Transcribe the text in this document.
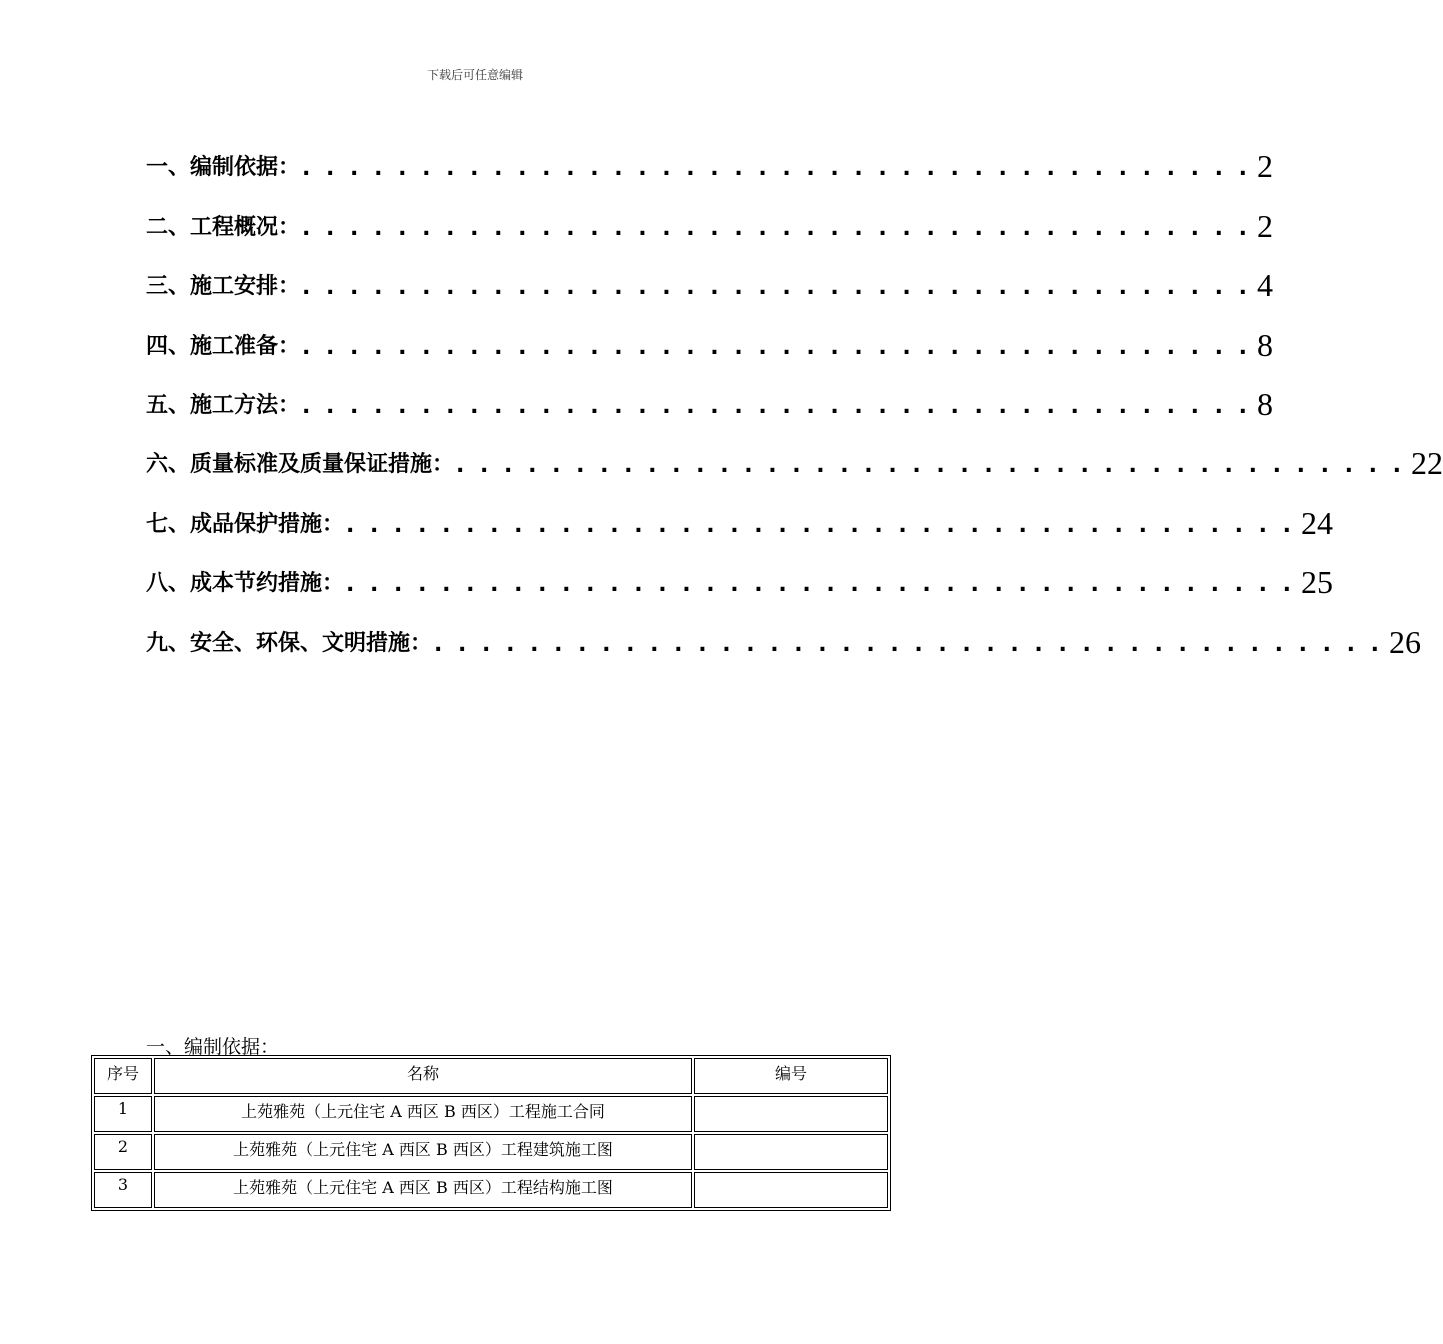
下载后可任意编辑
一、编制依据： . . . . . . . . . . . . . . . . . . . . . . . . . . . . . . . . . . . . . . . . 2
二、工程概况： . . . . . . . . . . . . . . . . . . . . . . . . . . . . . . . . . . . . . . . . 2
三、施工安排： . . . . . . . . . . . . . . . . . . . . . . . . . . . . . . . . . . . . . . . . 4
四、施工准备： . . . . . . . . . . . . . . . . . . . . . . . . . . . . . . . . . . . . . . . . 8
五、施工方法： . . . . . . . . . . . . . . . . . . . . . . . . . . . . . . . . . . . . . . . . 8
六、质量标准及质量保证措施： . . . . . . . . . . . . . . . . . . . . . . . . . . . . . . . . . . . . . . . . 22
七、成品保护措施： . . . . . . . . . . . . . . . . . . . . . . . . . . . . . . . . . . . . . . . . 24
八、成本节约措施： . . . . . . . . . . . . . . . . . . . . . . . . . . . . . . . . . . . . . . . . 25
九、安全、环保、文明措施： . . . . . . . . . . . . . . . . . . . . . . . . . . . . . . . . . . . . . . . . 26
一、编制依据：
序号	名称	编号
1	上苑雅苑（上元住宅 A 西区 B 西区）工程施工合同	
2	上苑雅苑（上元住宅 A 西区 B 西区）工程建筑施工图	
3	上苑雅苑（上元住宅 A 西区 B 西区）工程结构施工图	
